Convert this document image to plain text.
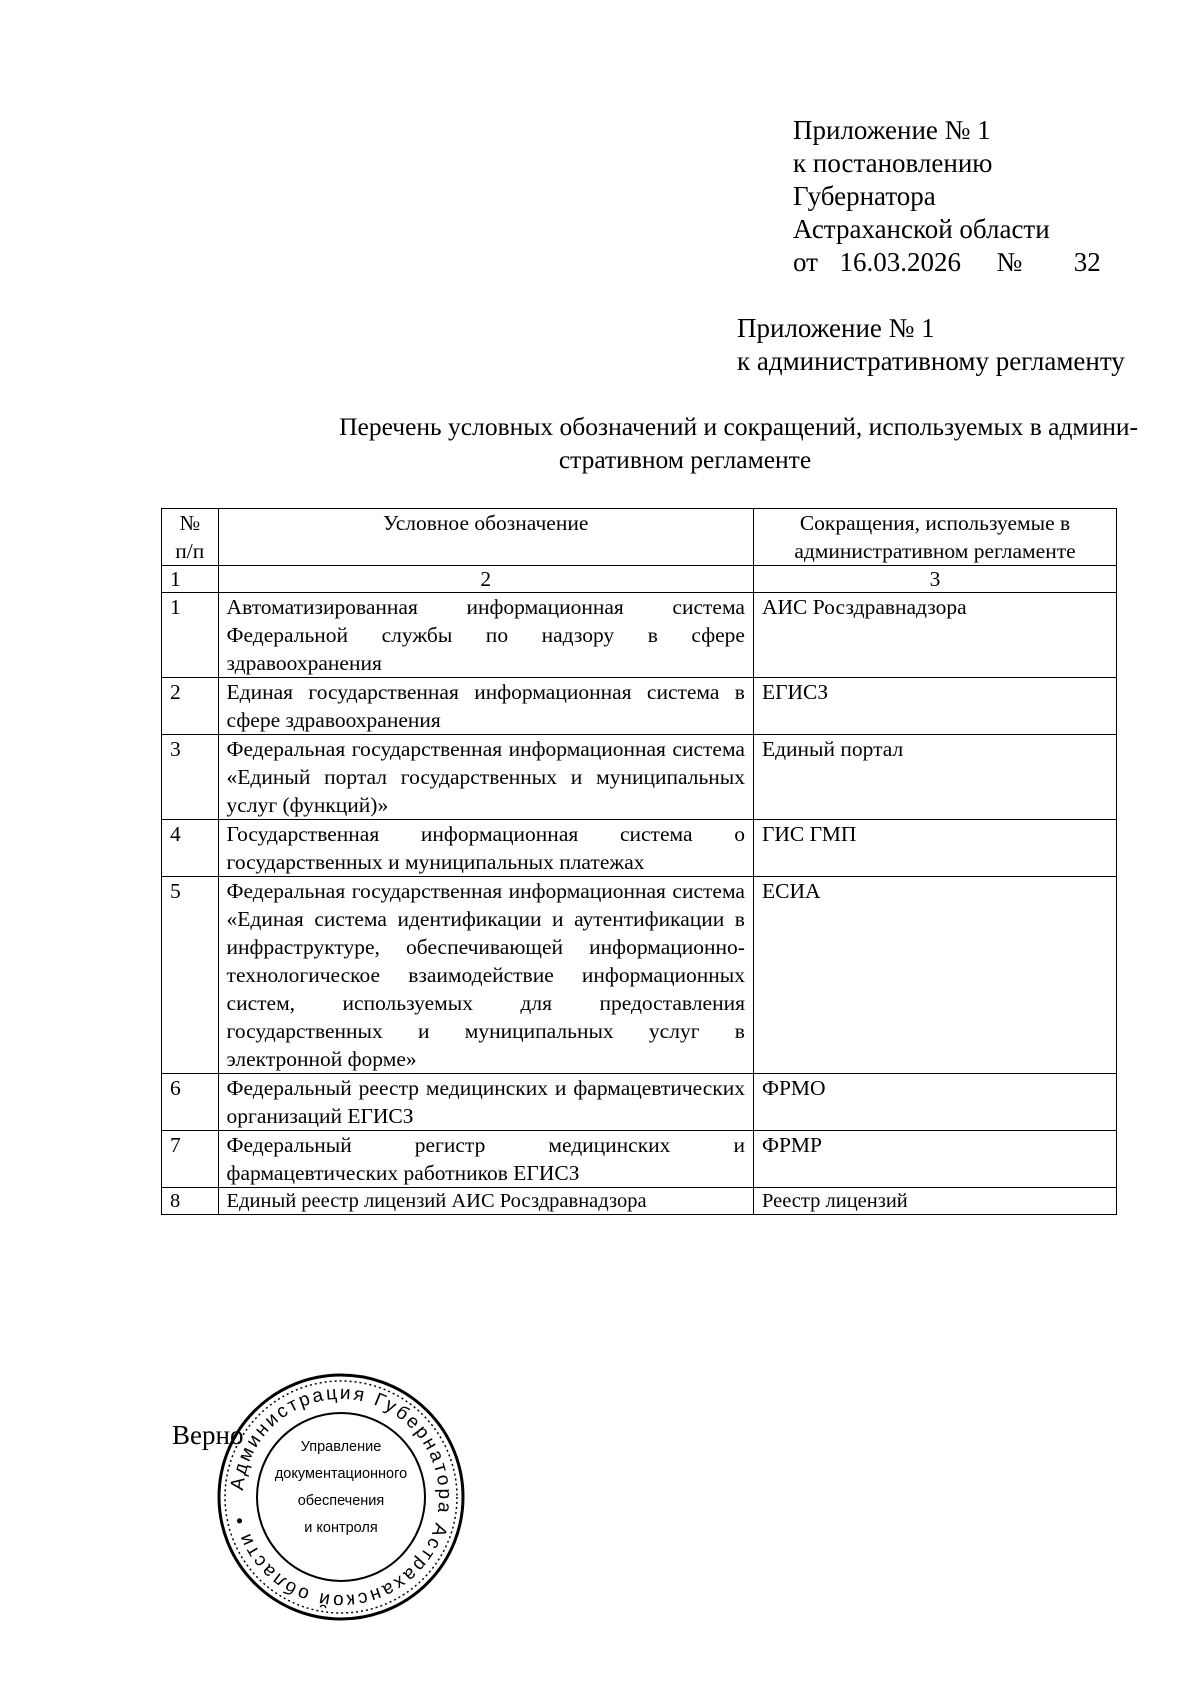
Приложение № 1
к постановлению
Губернатора
Астраханской области
от 16.03.2026 № 32
Приложение № 1
к административному регламенту
Перечень условных обозначений и сокращений, используемых в админи-
стративном регламенте
№ п/п	Условное обозначение	Сокращения, используемые в административном регламенте
1	2	3
1	Автоматизированная информационная система Федеральной службы по надзору в сфере здравоохранения	АИС Росздравнадзора
2	Единая государственная информационная система в сфере здравоохранения	ЕГИСЗ
3	Федеральная государственная информационная система «Единый портал государственных и муниципальных услуг (функций)»	Единый портал
4	Государственная информационная система о государственных и муниципальных платежах	ГИС ГМП
5	Федеральная государственная информационная система «Единая система идентификации и аутентификации в инфраструктуре, обеспечивающей информационно-технологическое взаимодействие информационных систем, используемых для предоставления государственных и муниципальных услуг в электронной форме»	ЕСИА
6	Федеральный реестр медицинских и фармацевтических организаций ЕГИСЗ	ФРМО
7	Федеральный регистр медицинских и фармацевтических работников ЕГИСЗ	ФРМР
8	Единый реестр лицензий АИС Росздравнадзора	Реестр лицензий
Верно
Администрация Губернатора Астраханской области •
Управление
документационного
обеспечения
и контроля
